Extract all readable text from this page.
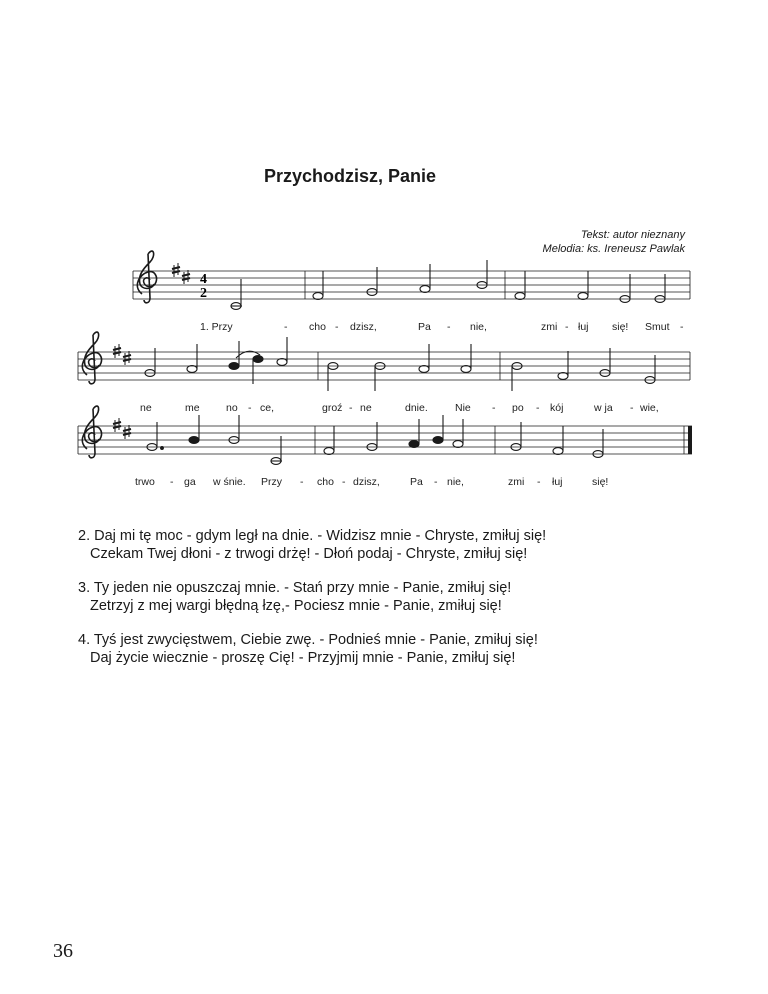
Przychodzisz, Panie
Tekst: autor nieznany
Melodia: ks. Ireneusz Pawlak
4
2
1. Przy	- cho - dzisz,	Pa - nie,	zmi - łuj się! Smut -
ne	me	no - ce,	groź - ne	dnie.	Nie - po - kój	w ja - wie,
trwo - ga w śnie. Przy - cho - dzisz,	Pa - nie,	zmi - łuj	się!
2. Daj mi tę moc - gdym legł na dnie. - Widzisz mnie - Chryste, zmiłuj się!
Czekam Twej dłoni - z trwogi drżę! - Dłoń podaj - Chryste, zmiłuj się!
3. Ty jeden nie opuszczaj mnie. - Stań przy mnie - Panie, zmiłuj się!
Zetrzyj z mej wargi błędną łzę,- Pociesz mnie - Panie, zmiłuj się!
4. Tyś jest zwycięstwem, Ciebie zwę. - Podnieś mnie - Panie, zmiłuj się!
Daj życie wiecznie - proszę Cię! - Przyjmij mnie - Panie, zmiłuj się!
36
